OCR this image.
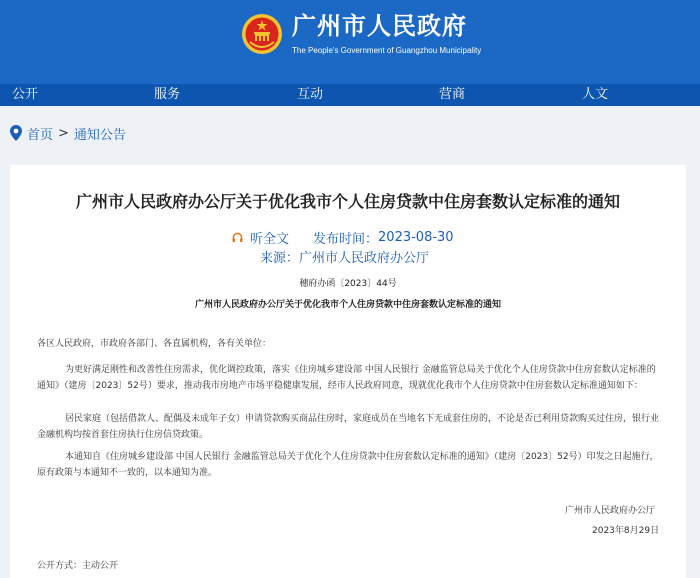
广州市人民政府
The People's Government of Guangzhou Municipality
公开	服务	互动	营商	人文
首页 > 通知公告
广州市人民政府办公厅关于优化我市个人住房贷款中住房套数认定标准的通知
听全文 发布时间： 2023-08-30
来源：广州市人民政府办公厅
穗府办函〔2023〕44号
广州市人民政府办公厅关于优化我市个人住房贷款中住房套数认定标准的通知
各区人民政府，市政府各部门、各直属机构，各有关单位：
为更好满足刚性和改善性住房需求，优化调控政策，落实《住房城乡建设部 中国人民银行 金融监管总局关于优化个人住房贷款中住房套数认定标准的通知》（建房〔2023〕52号）要求，推动我市房地产市场平稳健康发展，经市人民政府同意，现就优化我市个人住房贷款中住房套数认定标准通知如下：
居民家庭（包括借款人、配偶及未成年子女）申请贷款购买商品住房时，家庭成员在当地名下无成套住房的，不论是否已利用贷款购买过住房，银行业金融机构均按首套住房执行住房信贷政策。
本通知自《住房城乡建设部 中国人民银行 金融监管总局关于优化个人住房贷款中住房套数认定标准的通知》（建房〔2023〕52号）印发之日起施行，原有政策与本通知不一致的，以本通知为准。
广州市人民政府办公厅
2023年8月29日
公开方式：主动公开
